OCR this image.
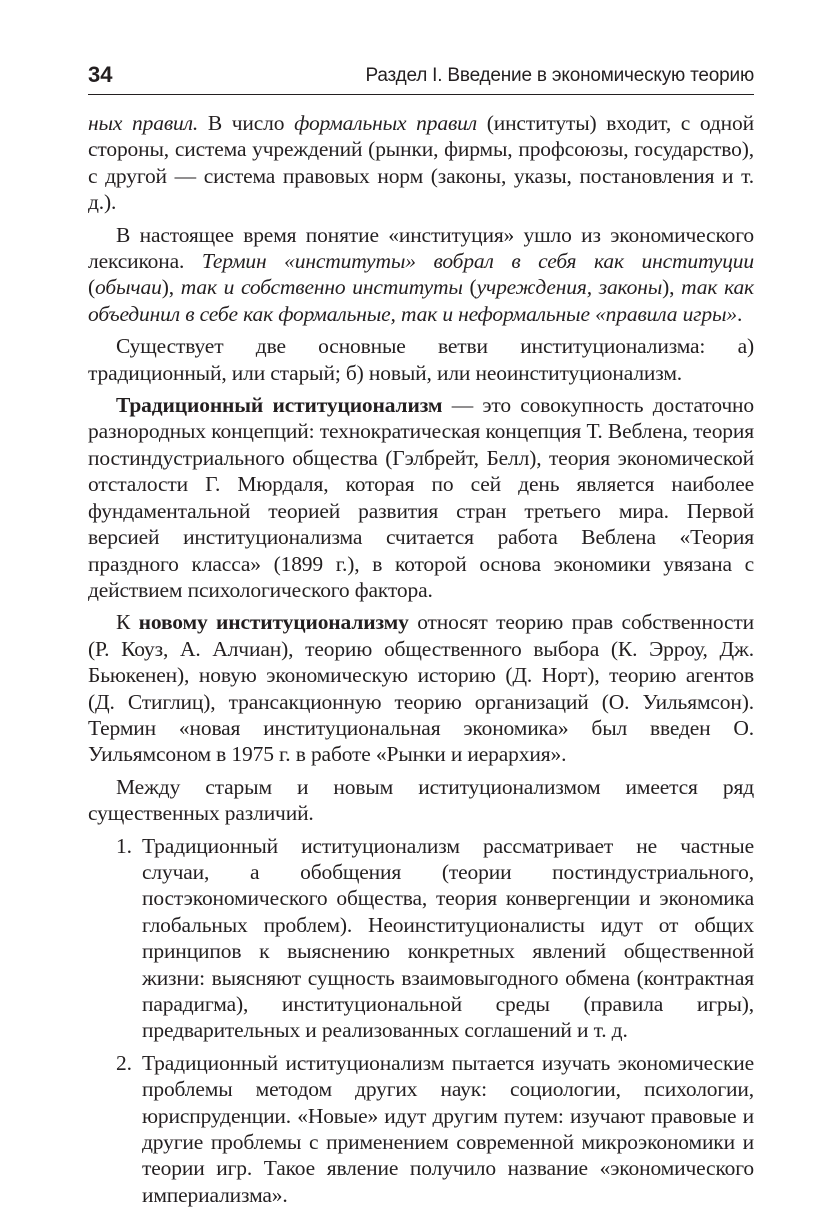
34	Раздел I. Введение в экономическую теорию

ных правил. В число формальных правил (институты) входит, с одной стороны, система учреждений (рынки, фирмы, профсоюзы, государство), с другой — система правовых норм (законы, указы, постановления и т. д.).

В настоящее время понятие «институция» ушло из экономического лексикона. Термин «институты» вобрал в себя как институции (обычаи), так и собственно институты (учреждения, законы), так как объединил в себе как формальные, так и неформальные «правила игры».

Существует две основные ветви институционализма: а) традиционный, или старый; б) новый, или неоинституционализм.

Традиционный иституционализм — это совокупность достаточно разнородных концепций: технократическая концепция Т. Веблена, теория постиндустриального общества (Гэлбрейт, Белл), теория экономической отсталости Г. Мюрдаля, которая по сей день является наиболее фундаментальной теорией развития стран третьего мира. Первой версией институционализма считается работа Веблена «Теория праздного класса» (1899 г.), в которой основа экономики увязана с действием психологического фактора.

К новому институционализму относят теорию прав собственности (Р. Коуз, А. Алчиан), теорию общественного выбора (К. Эрроу, Дж. Бьюкенен), новую экономическую историю (Д. Норт), теорию агентов (Д. Стиглиц), трансакционную теорию организаций (О. Уильямсон). Термин «новая институциональная экономика» был введен О. Уильямсоном в 1975 г. в работе «Рынки и иерархия».

Между старым и новым иституционализмом имеется ряд существенных различий.

1. Традиционный иституционализм рассматривает не частные случаи, а обобщения (теории постиндустриального, постэкономического общества, теория конвергенции и экономика глобальных проблем). Неоинституционалисты идут от общих принципов к выяснению конкретных явлений общественной жизни: выясняют сущность взаимовыгодного обмена (контрактная парадигма), институциональной среды (правила игры), предварительных и реализованных соглашений и т. д.
2. Традиционный иституционализм пытается изучать экономические проблемы методом других наук: социологии, психологии, юриспруденции. «Новые» идут другим путем: изучают правовые и другие проблемы с применением современной микроэкономики и теории игр. Такое явление получило название «экономического империализма».
